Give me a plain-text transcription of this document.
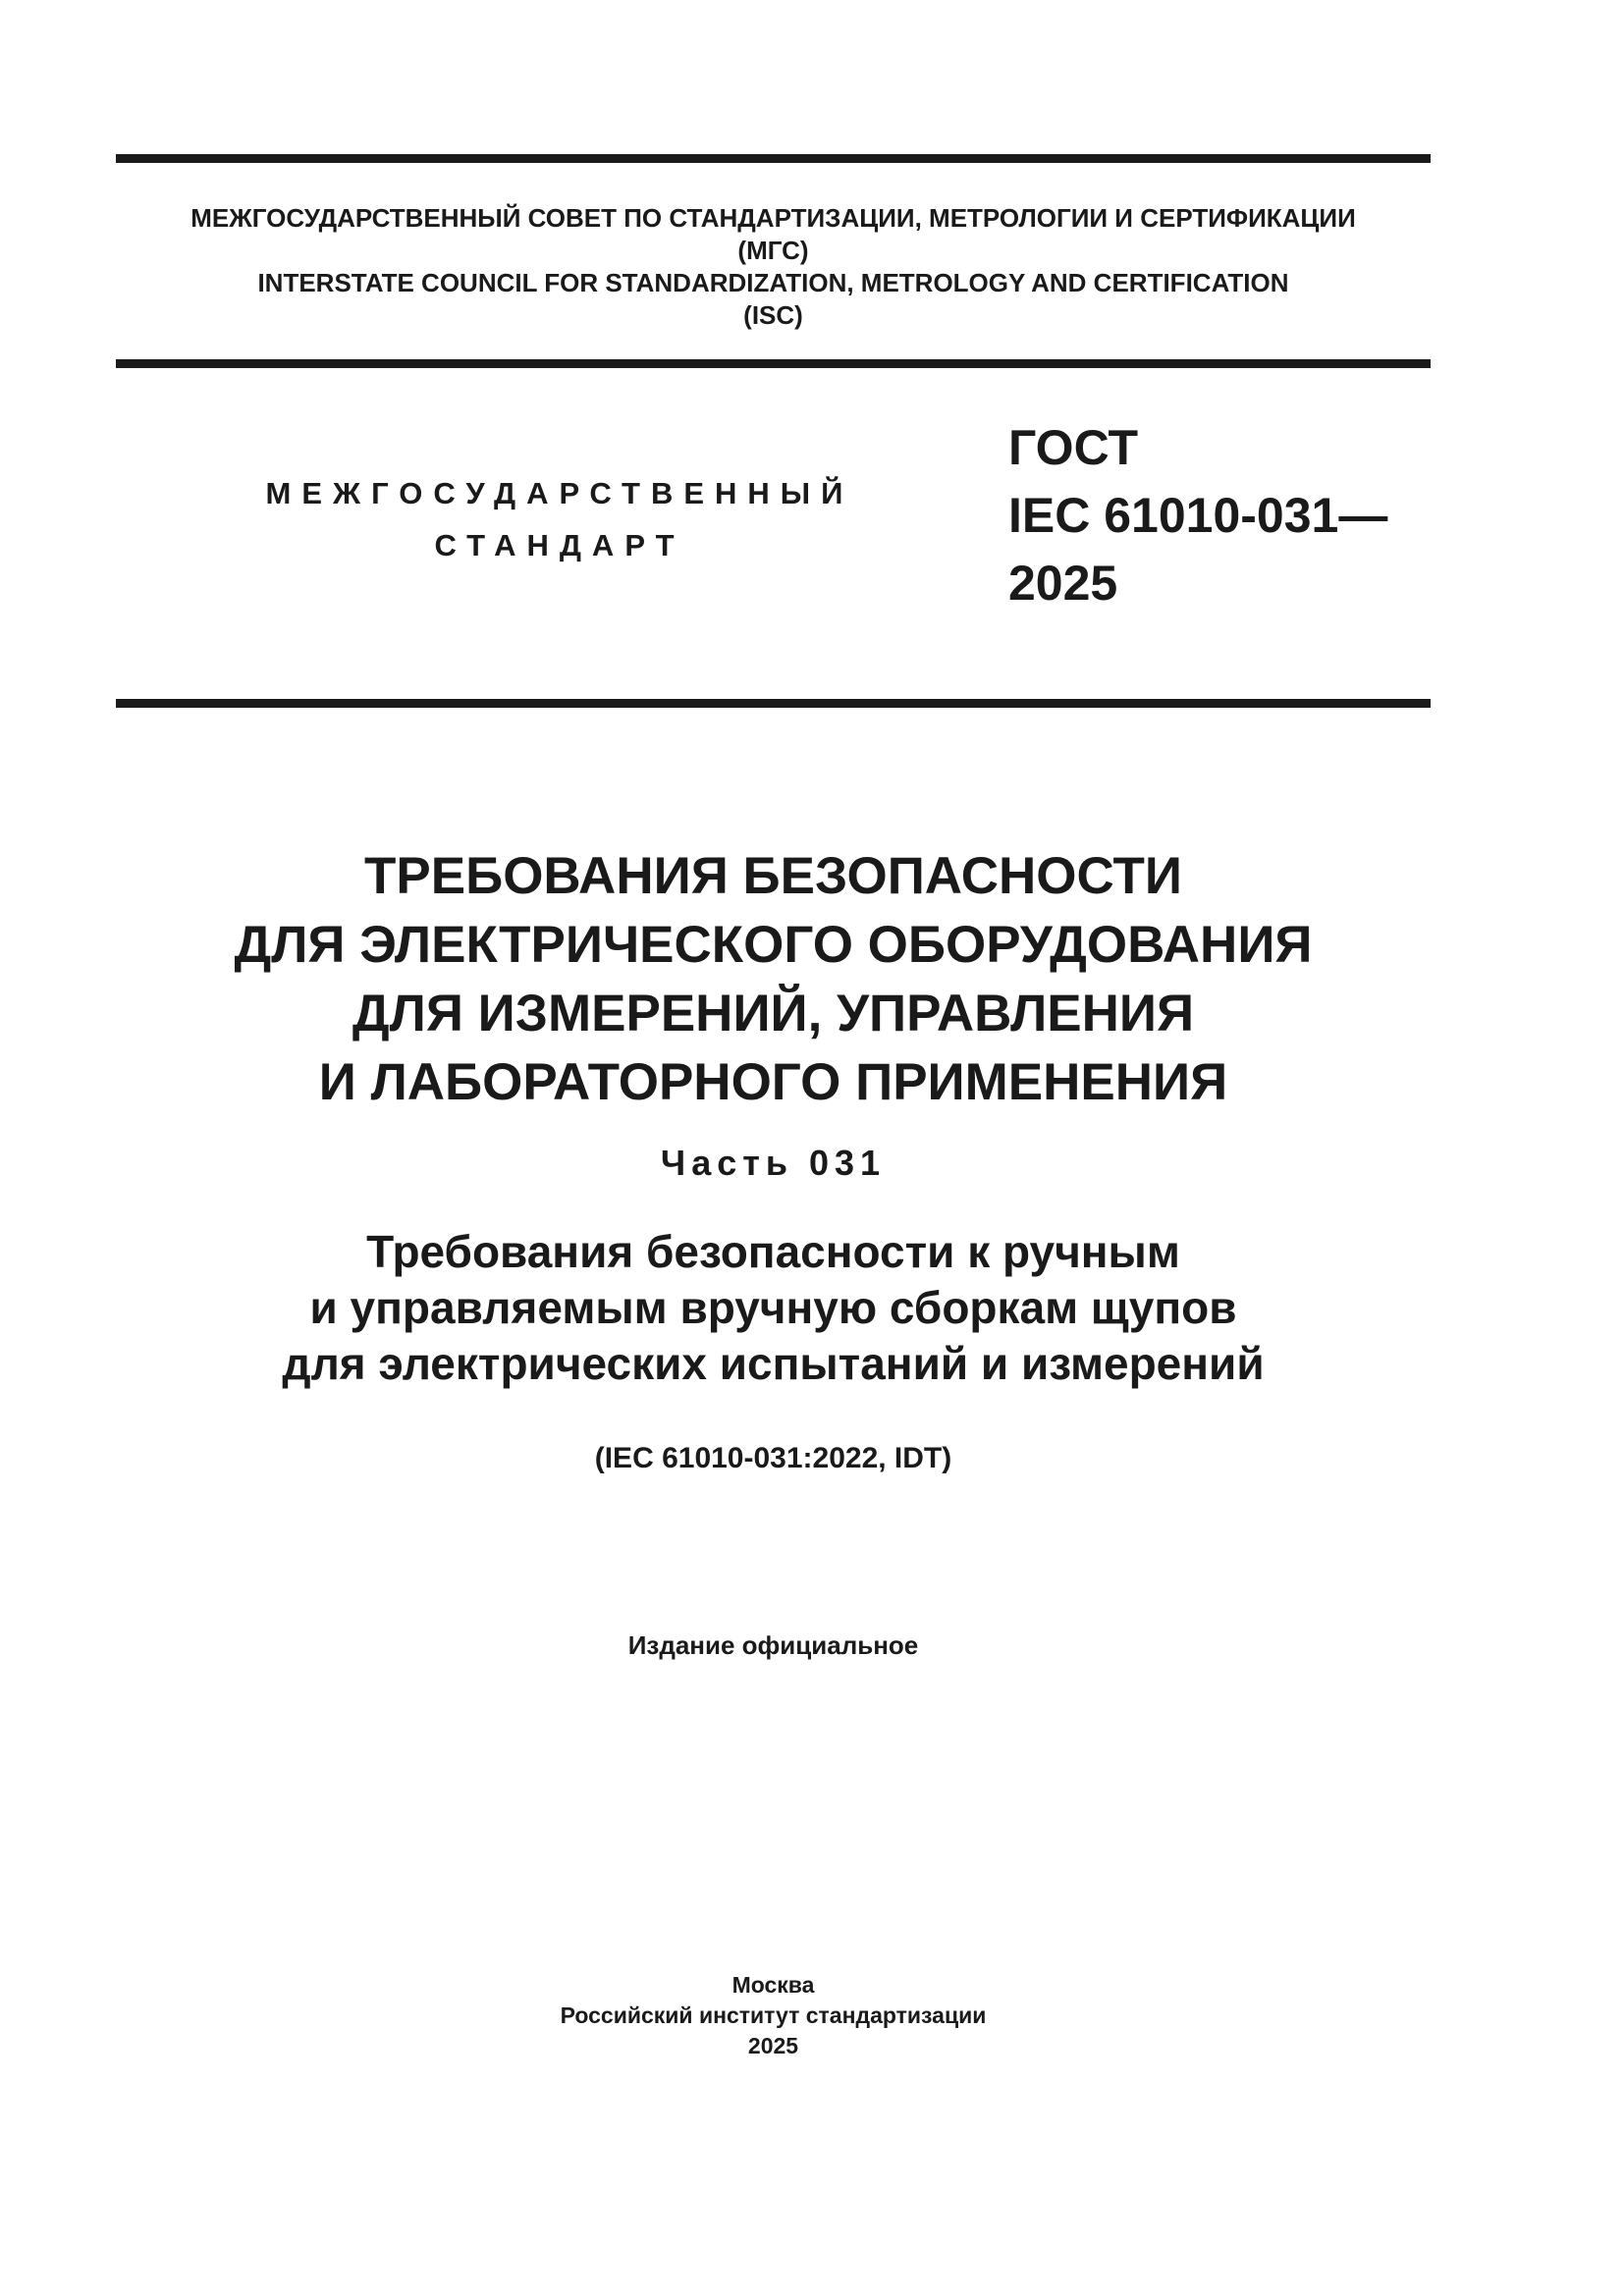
МЕЖГОСУДАРСТВЕННЫЙ СОВЕТ ПО СТАНДАРТИЗАЦИИ, МЕТРОЛОГИИ И СЕРТИФИКАЦИИ
(МГС)
INTERSTATE COUNCIL FOR STANDARDIZATION, METROLOGY AND CERTIFICATION
(ISC)
МЕЖГОСУДАРСТВЕННЫЙ
СТАНДАРТ
ГОСТ
IEC 61010-031—
2025
ТРЕБОВАНИЯ БЕЗОПАСНОСТИ
ДЛЯ ЭЛЕКТРИЧЕСКОГО ОБОРУДОВАНИЯ
ДЛЯ ИЗМЕРЕНИЙ, УПРАВЛЕНИЯ
И ЛАБОРАТОРНОГО ПРИМЕНЕНИЯ
Часть 031
Требования безопасности к ручным
и управляемым вручную сборкам щупов
для электрических испытаний и измерений
(IEC 61010-031:2022, IDT)
Издание официальное
Москва
Российский институт стандартизации
2025
